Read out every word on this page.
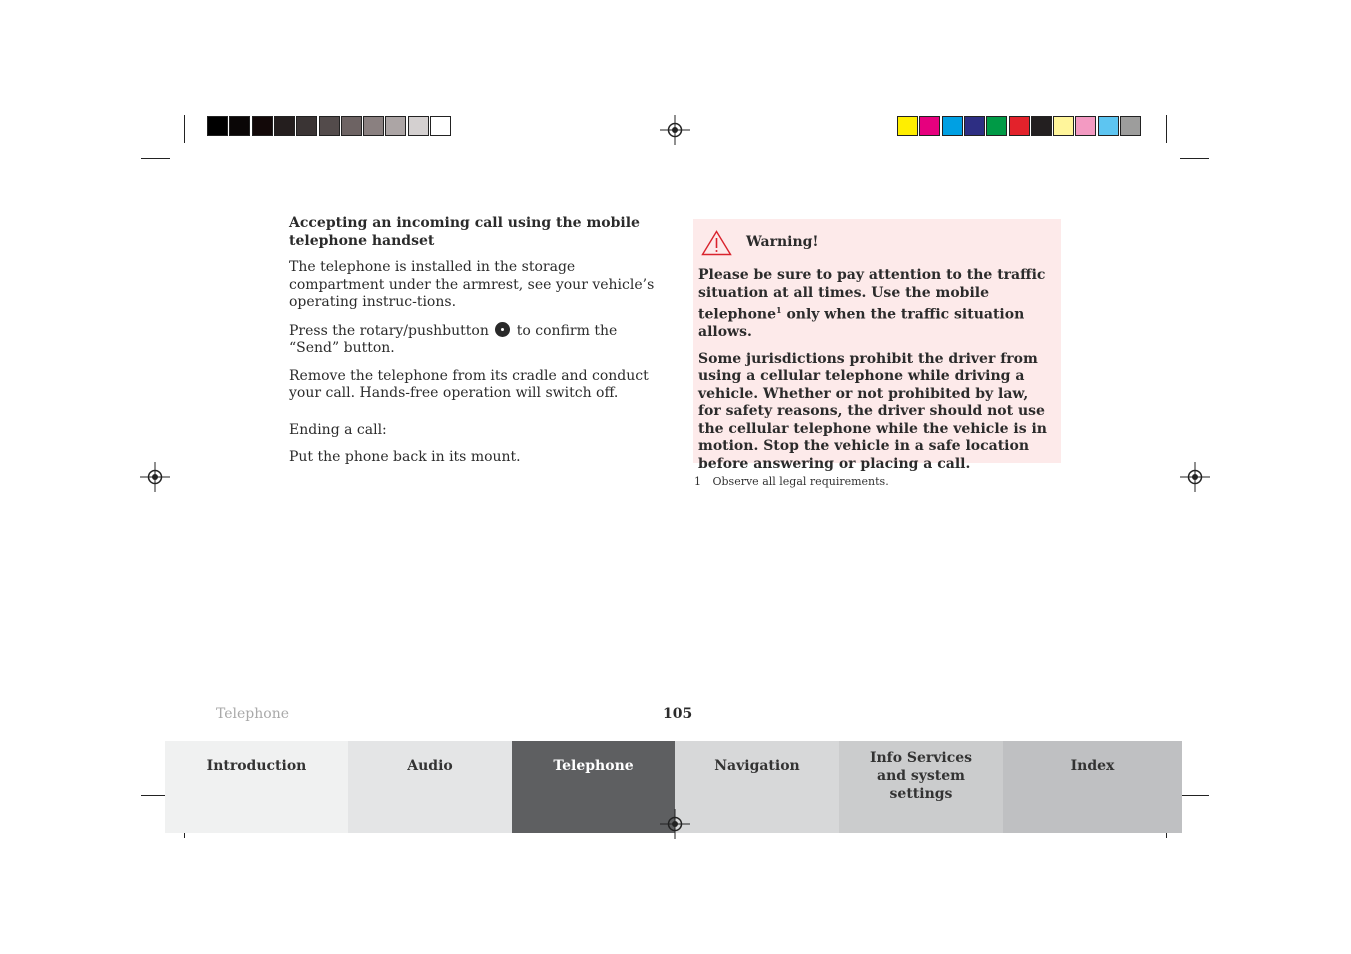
Accepting an incoming call using the mobile telephone handset

The telephone is installed in the storage compartment under the armrest, see your vehicle’s operating instruc-tions.

Press the rotary/pushbutton to confirm the “Send” button.

Remove the telephone from its cradle and conduct your call. Hands-free operation will switch off.

Ending a call:

Put the phone back in its mount.

Warning!

Please be sure to pay attention to the traffic situation at all times. Use the mobile telephone$^1$ only when the traffic situation allows.

Some jurisdictions prohibit the driver from using a cellular telephone while driving a vehicle. Whether or not prohibited by law, for safety reasons, the driver should not use the cellular telephone while the vehicle is in motion. Stop the vehicle in a safe location before answering or placing a call.

1 Observe all legal requirements.
Telephone	105
Introduction	Audio	Telephone	Navigation	Info Services and system settings
Index
